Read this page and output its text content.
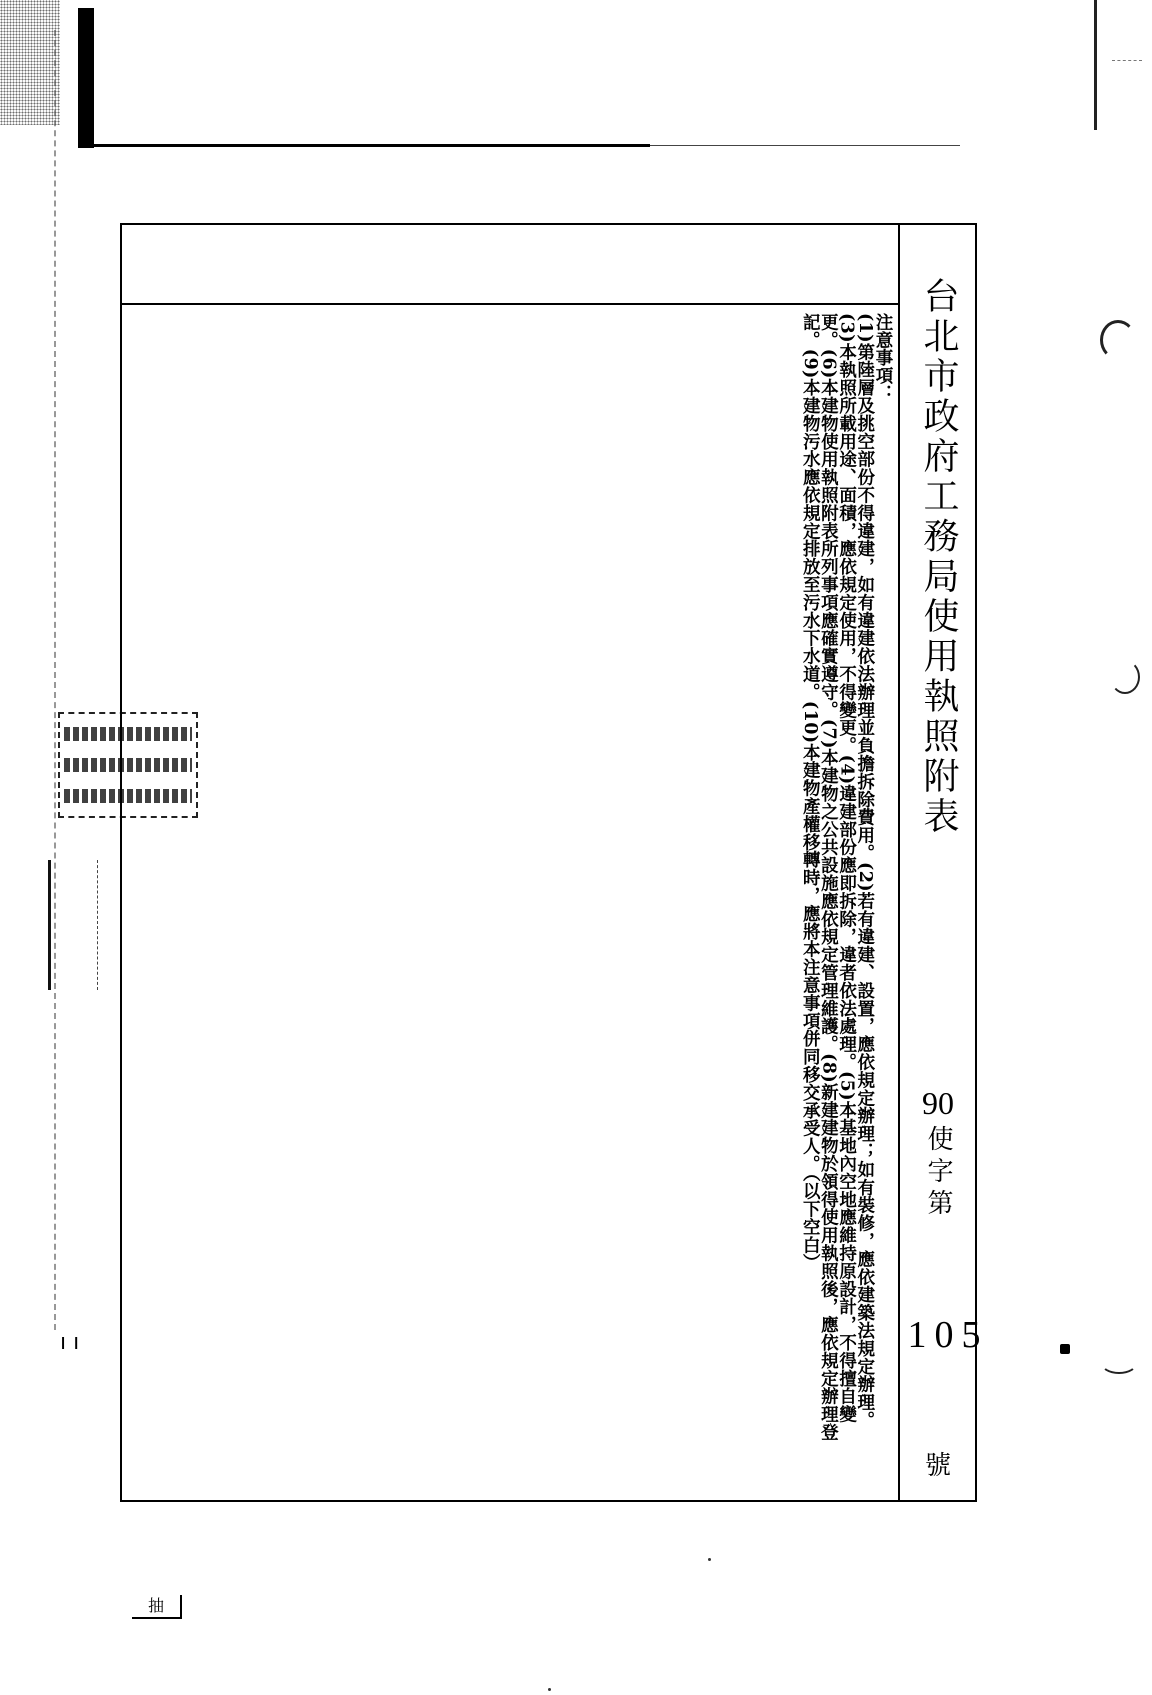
ı ı
抽
注意事項：
(1)第陸層及挑空部份不得違建，如有違建依法辦理並負擔拆除費用。(2)若有違建、設置，應依規定辦理；如有裝修，應依建築法規定辦理。(3)本執照所載用途、面積，應依規定使用，不得變更。(4)違建部份應即拆除，違者依法處理。(5)本基地內空地應維持原設計，不得擅自變更。(6)本建物使用執照附表所列事項應確實遵守。(7)本建物之公共設施應依規定管理維護。(8)新建建物於領得使用執照後，應依規定辦理登記。(9)本建物污水應依規定排放至污水下水道。(10)本建物產權移轉時，應將本注意事項併同移交承受人。（以下空白）	台北市政府工務局使用執照附表
90
使字第
105
號
